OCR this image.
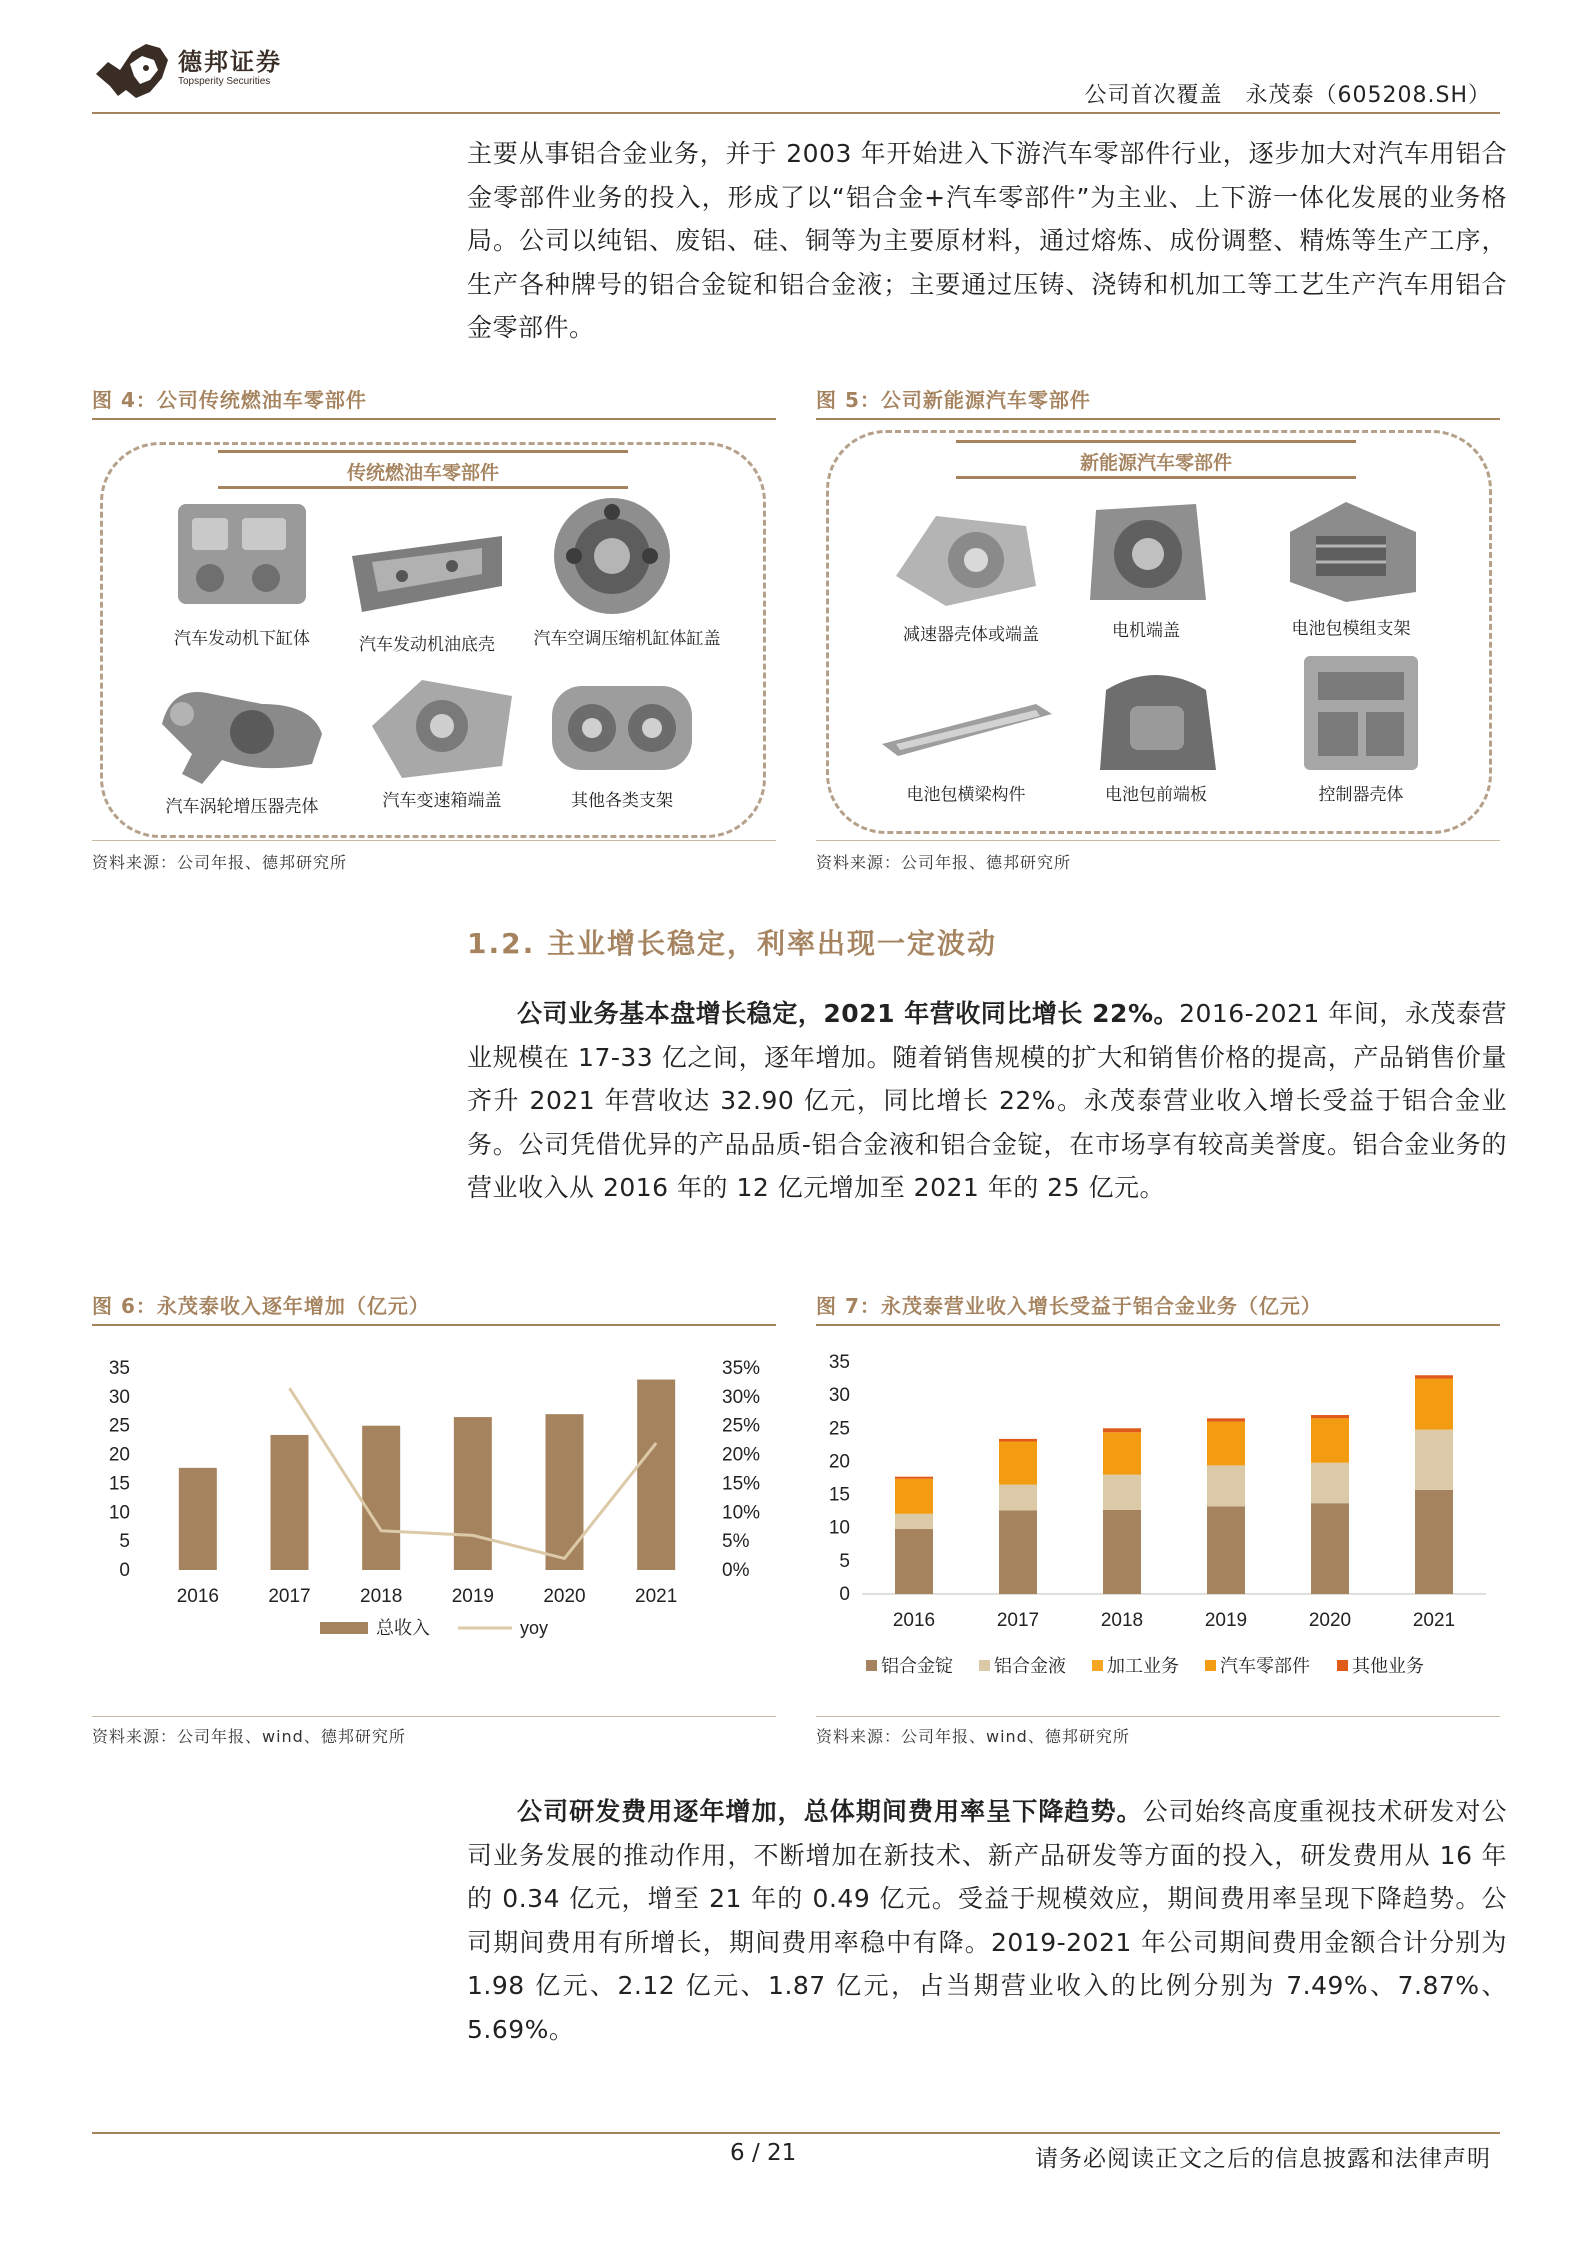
德邦证券
Topsperity Securities
公司首次覆盖　永茂泰（605208.SH）
主要从事铝合金业务，并于 2003 年开始进入下游汽车零部件行业，逐步加大对汽车用铝合金零部件业务的投入，形成了以“铝合金+汽车零部件”为主业、上下游一体化发展的业务格局。公司以纯铝、废铝、硅、铜等为主要原材料，通过熔炼、成份调整、精炼等生产工序，生产各种牌号的铝合金锭和铝合金液；主要通过压铸、浇铸和机加工等工艺生产汽车用铝合金零部件。
图 4：公司传统燃油车零部件
传统燃油车零部件
汽车发动机下缸体	汽车发动机油底壳	汽车空调压缩机缸体缸盖
汽车涡轮增压器壳体	汽车变速箱端盖	其他各类支架
资料来源：公司年报、德邦研究所
图 5：公司新能源汽车零部件
新能源汽车零部件
减速器壳体或端盖	电机端盖	电池包模组支架
电池包横梁构件	电池包前端板	控制器壳体
资料来源：公司年报、德邦研究所
1.2. 主业增长稳定，利率出现一定波动
公司业务基本盘增长稳定，2021 年营收同比增长 22%。2016-2021 年间，永茂泰营业规模在 17-33 亿之间，逐年增加。随着销售规模的扩大和销售价格的提高，产品销售价量齐升 2021 年营收达 32.90 亿元，同比增长 22%。永茂泰营业收入增长受益于铝合金业务。公司凭借优异的产品品质-铝合金液和铝合金锭，在市场享有较高美誉度。铝合金业务的营业收入从 2016 年的 12 亿元增加至 2021 年的 25 亿元。
图 6：永茂泰收入逐年增加（亿元）
0
5
10
15
20
25
30
35
0%
5%
10%
15%
20%
25%
30%
35%
2016	2017	2018	2019	2020	2021
总收入	yoy
资料来源：公司年报、wind、德邦研究所
图 7：永茂泰营业收入增长受益于铝合金业务（亿元）
0
5
10
15
20
25
30
35
2016	2017	2018	2019	2020	2021
铝合金锭 铝合金液 加工业务 汽车零部件 其他业务
资料来源：公司年报、wind、德邦研究所
公司研发费用逐年增加，总体期间费用率呈下降趋势。公司始终高度重视技术研发对公司业务发展的推动作用，不断增加在新技术、新产品研发等方面的投入，研发费用从 16 年的 0.34 亿元，增至 21 年的 0.49 亿元。受益于规模效应，期间费用率呈现下降趋势。公司期间费用有所增长，期间费用率稳中有降。2019-2021 年公司期间费用金额合计分别为 1.98 亿元、2.12 亿元、1.87 亿元，占当期营业收入的比例分别为 7.49%、7.87%、5.69%。
6 / 21	请务必阅读正文之后的信息披露和法律声明
